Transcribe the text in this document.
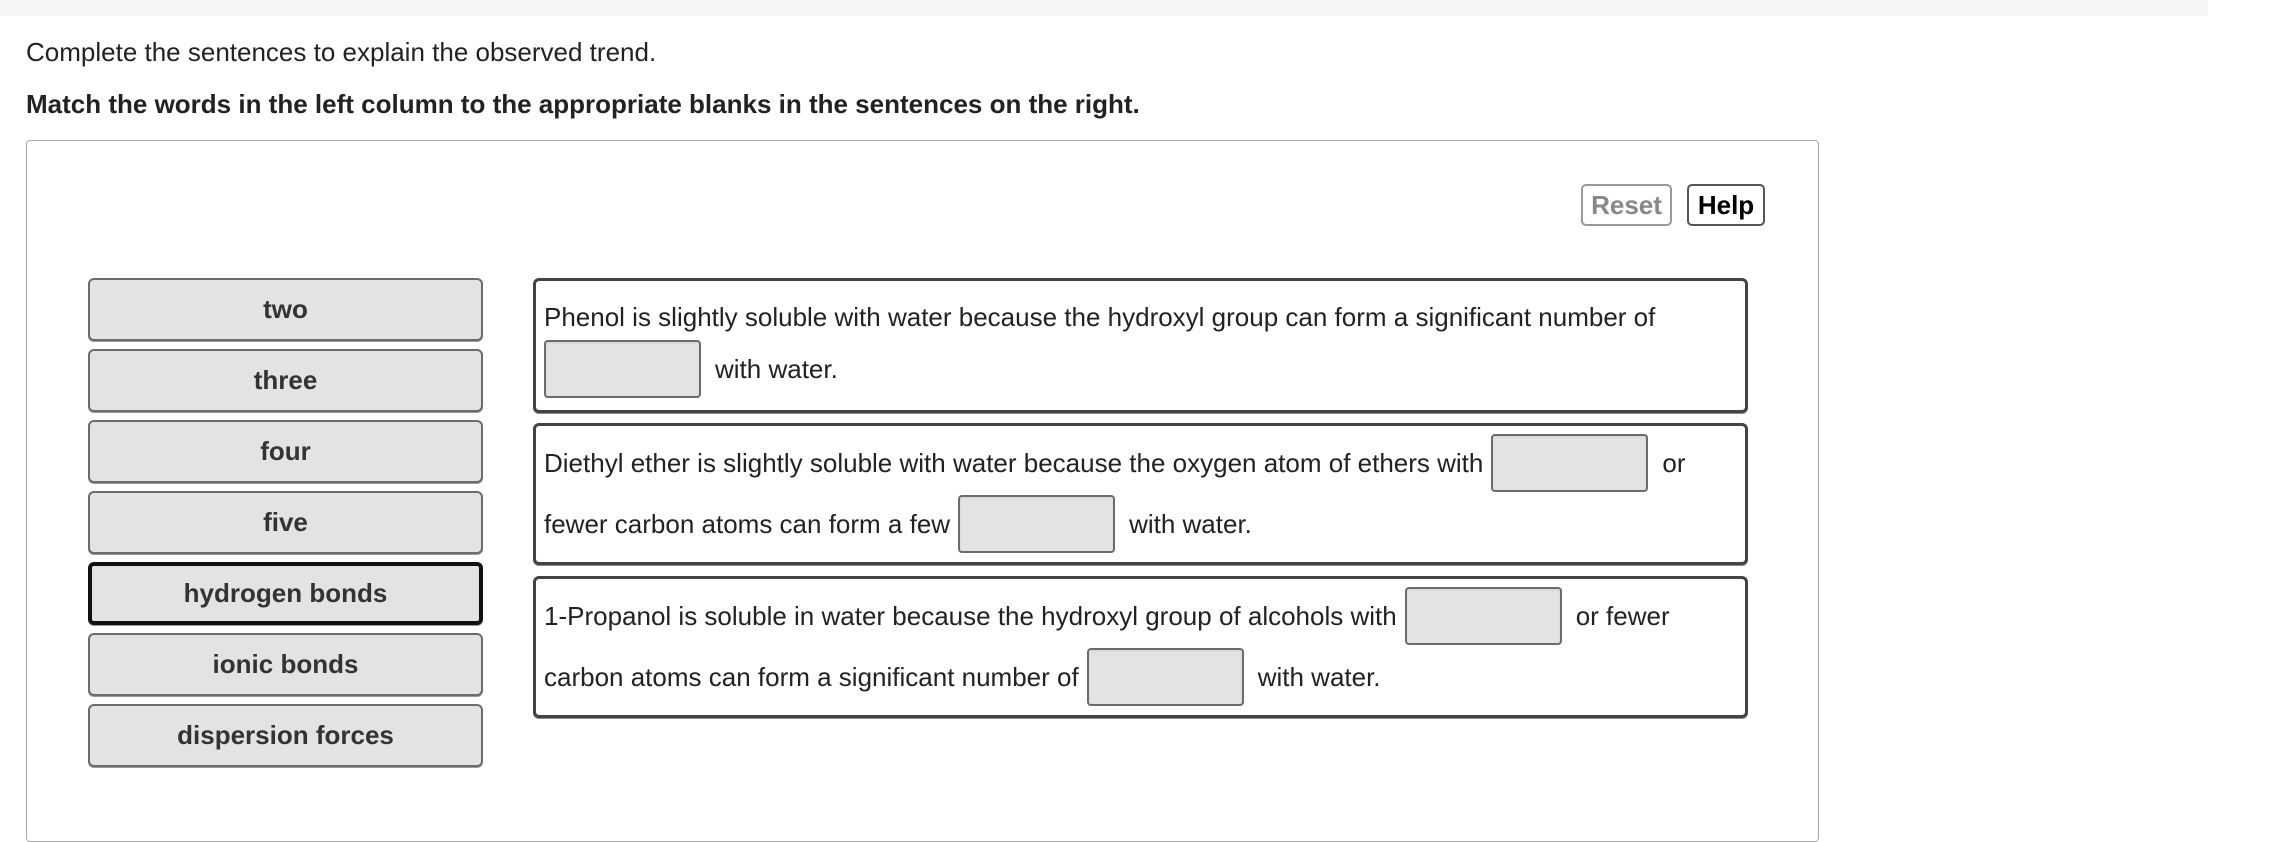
Complete the sentences to explain the observed trend.
Match the words in the left column to the appropriate blanks in the sentences on the right.
Reset	Help
two
three
four
five
hydrogen bonds
ionic bonds
dispersion forces
Phenol is slightly soluble with water because the hydroxyl group can form a significant number of
with water.
Diethyl ether is slightly soluble with water because the oxygen atom of ethers with	or
fewer carbon atoms can form a few	with water.
1-Propanol is soluble in water because the hydroxyl group of alcohols with	or fewer
carbon atoms can form a significant number of	with water.
